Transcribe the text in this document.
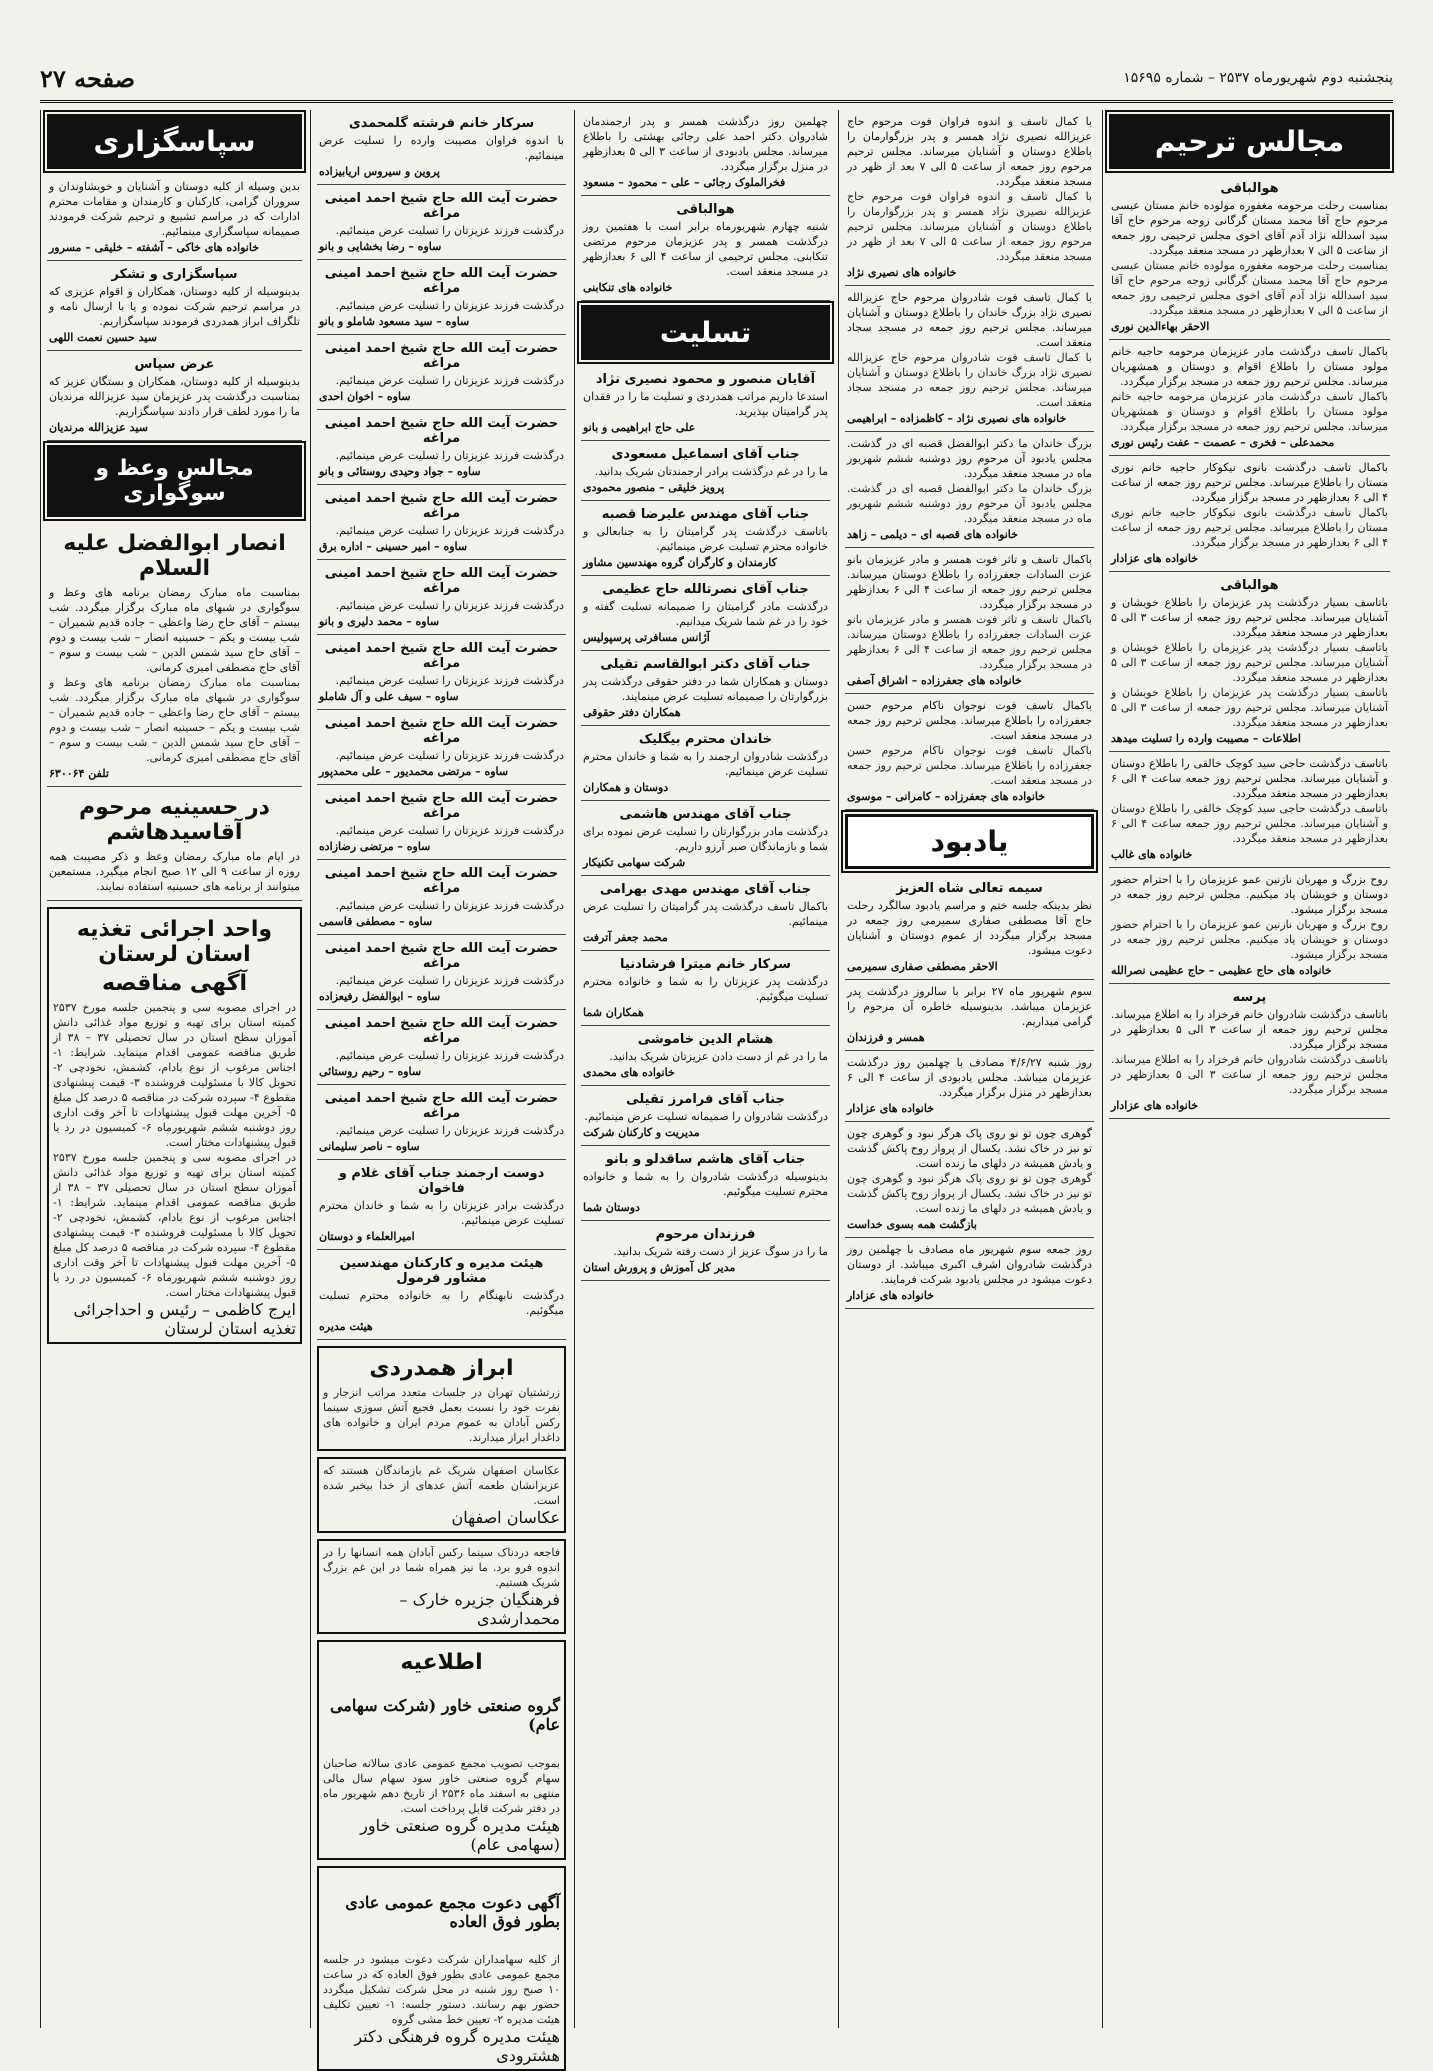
صفحه ۲۷	پنجشنبه دوم شهریورماه ۲۵۳۷ – شماره ۱۵۶۹۵
مجالس ترحیم
هوالباقی

بمناسبت رحلت مرحومه مغفوره مولوده خانم مستان عیسی مرحوم حاج آقا محمد مستان گرگانی زوجه مرحوم حاج آقا سید اسدالله نژاد آدم آقای اخوی مجلس ترحیمی روز جمعه از ساعت ۵ الی ۷ بعدازظهر در مسجد منعقد میگردد.

بمناسبت رحلت مرحومه مغفوره مولوده خانم مستان عیسی مرحوم حاج آقا محمد مستان گرگانی زوجه مرحوم حاج آقا سید اسدالله نژاد آدم آقای اخوی مجلس ترحیمی روز جمعه از ساعت ۵ الی ۷ بعدازظهر در مسجد منعقد میگردد.

الاحقر بهاءالدین نوری

باکمال تاسف درگذشت مادر عزیزمان مرحومه حاجیه خانم مولود مستان را باطلاع اقوام و دوستان و همشهریان میرساند. مجلس ترحیم روز جمعه در مسجد برگزار میگردد.

باکمال تاسف درگذشت مادر عزیزمان مرحومه حاجیه خانم مولود مستان را باطلاع اقوام و دوستان و همشهریان میرساند. مجلس ترحیم روز جمعه در مسجد برگزار میگردد.

محمدعلی – فخری – عصمت – عفت رئیس نوری

باکمال تاسف درگذشت بانوی نیکوکار حاجیه خانم نوری مستان را باطلاع میرساند. مجلس ترحیم روز جمعه از ساعت ۴ الی ۶ بعدازظهر در مسجد برگزار میگردد.

باکمال تاسف درگذشت بانوی نیکوکار حاجیه خانم نوری مستان را باطلاع میرساند. مجلس ترحیم روز جمعه از ساعت ۴ الی ۶ بعدازظهر در مسجد برگزار میگردد.

خانواده های عزادار
هوالباقی

باتاسف بسیار درگذشت پدر عزیزمان را باطلاع خویشان و آشنایان میرساند. مجلس ترحیم روز جمعه از ساعت ۳ الی ۵ بعدازظهر در مسجد منعقد میگردد.

باتاسف بسیار درگذشت پدر عزیزمان را باطلاع خویشان و آشنایان میرساند. مجلس ترحیم روز جمعه از ساعت ۳ الی ۵ بعدازظهر در مسجد منعقد میگردد.

باتاسف بسیار درگذشت پدر عزیزمان را باطلاع خویشان و آشنایان میرساند. مجلس ترحیم روز جمعه از ساعت ۳ الی ۵ بعدازظهر در مسجد منعقد میگردد.

اطلاعات – مصیبت وارده را تسلیت میدهد

باتاسف درگذشت حاجی سید کوچک خالقی را باطلاع دوستان و آشنایان میرساند. مجلس ترحیم روز جمعه ساعت ۴ الی ۶ بعدازظهر در مسجد منعقد میگردد.

باتاسف درگذشت حاجی سید کوچک خالقی را باطلاع دوستان و آشنایان میرساند. مجلس ترحیم روز جمعه ساعت ۴ الی ۶ بعدازظهر در مسجد منعقد میگردد.

خانواده های غالب

روح بزرگ و مهربان نازنین عمو عزیزمان را با احترام حضور دوستان و خویشان یاد میکنیم. مجلس ترحیم روز جمعه در مسجد برگزار میشود.

روح بزرگ و مهربان نازنین عمو عزیزمان را با احترام حضور دوستان و خویشان یاد میکنیم. مجلس ترحیم روز جمعه در مسجد برگزار میشود.

خانواده های حاج عظیمی – حاج عظیمی نصرالله
پرسه

باتاسف درگذشت شادروان خانم فرخزاد را به اطلاع میرساند. مجلس ترحیم روز جمعه از ساعت ۳ الی ۵ بعدازظهر در مسجد برگزار میگردد.

باتاسف درگذشت شادروان خانم فرخزاد را به اطلاع میرساند. مجلس ترحیم روز جمعه از ساعت ۳ الی ۵ بعدازظهر در مسجد برگزار میگردد.

خانواده های عزادار

با کمال تاسف و اندوه فراوان فوت مرحوم حاج عزیزالله نصیری نژاد همسر و پدر بزرگوارمان را باطلاع دوستان و آشنایان میرساند. مجلس ترحیم مرحوم روز جمعه از ساعت ۵ الی ۷ بعد از ظهر در مسجد منعقد میگردد.

با کمال تاسف و اندوه فراوان فوت مرحوم حاج عزیزالله نصیری نژاد همسر و پدر بزرگوارمان را باطلاع دوستان و آشنایان میرساند. مجلس ترحیم مرحوم روز جمعه از ساعت ۵ الی ۷ بعد از ظهر در مسجد منعقد میگردد.

خانواده های نصیری نژاد

با کمال تاسف فوت شادروان مرحوم حاج عزیزالله نصیری نژاد بزرگ خاندان را باطلاع دوستان و آشنایان میرساند. مجلس ترحیم روز جمعه در مسجد سجاد منعقد است.

با کمال تاسف فوت شادروان مرحوم حاج عزیزالله نصیری نژاد بزرگ خاندان را باطلاع دوستان و آشنایان میرساند. مجلس ترحیم روز جمعه در مسجد سجاد منعقد است.

خانواده های نصیری نژاد – کاظمزاده – ابراهیمی

بزرگ خاندان ما دکتر ابوالفضل قصبه ای در گذشت. مجلس یادبود آن مرحوم روز دوشنبه ششم شهریور ماه در مسجد منعقد میگردد.

بزرگ خاندان ما دکتر ابوالفضل قصبه ای در گذشت. مجلس یادبود آن مرحوم روز دوشنبه ششم شهریور ماه در مسجد منعقد میگردد.

خانواده های قصبه ای – دیلمی – زاهد

باکمال تاسف و تاثر فوت همسر و مادر عزیزمان بانو عزت السادات جعفرزاده را باطلاع دوستان میرساند. مجلس ترحیم روز جمعه از ساعت ۴ الی ۶ بعدازظهر در مسجد برگزار میگردد.

باکمال تاسف و تاثر فوت همسر و مادر عزیزمان بانو عزت السادات جعفرزاده را باطلاع دوستان میرساند. مجلس ترحیم روز جمعه از ساعت ۴ الی ۶ بعدازظهر در مسجد برگزار میگردد.

خانواده های جعفرزاده – اشراق آصفی

باکمال تاسف فوت نوجوان ناکام مرحوم حسن جعفرزاده را باطلاع میرساند. مجلس ترحیم روز جمعه در مسجد منعقد است.

باکمال تاسف فوت نوجوان ناکام مرحوم حسن جعفرزاده را باطلاع میرساند. مجلس ترحیم روز جمعه در مسجد منعقد است.

خانواده های جعفرزاده – کامرانی – موسوی
یادبود
سیمه تعالی شاه العزیز

نظر بدینکه جلسه ختم و مراسم یادبود سالگرد رحلت حاج آقا مصطفی صفاری سمیرمی روز جمعه در مسجد برگزار میگردد از عموم دوستان و آشنایان دعوت میشود.

الاحقر مصطفی صفاری سمیرمی

سوم شهریور ماه ۲۷ برابر با سالروز درگذشت پدر عزیزمان میباشد. بدینوسیله خاطره آن مرحوم را گرامی میداریم.

همسر و فرزندان

روز شنبه ۴/۶/۲۷ مصادف با چهلمین روز درگذشت عزیزمان میباشد. مجلس یادبودی از ساعت ۴ الی ۶ بعدازظهر در منزل برگزار میگردد.

خانواده های عزادار

گوهری چون تو نو روی پاک هرگز نبود و گوهری چون تو نیز در خاک نشد. یکسال از پرواز روح پاکش گذشت و یادش همیشه در دلهای ما زنده است.

گوهری چون تو نو روی پاک هرگز نبود و گوهری چون تو نیز در خاک نشد. یکسال از پرواز روح پاکش گذشت و یادش همیشه در دلهای ما زنده است.

بازگشت همه بسوی خداست

روز جمعه سوم شهریور ماه مصادف با چهلمین روز درگذشت شادروان اشرف اکبری میباشد. از دوستان دعوت میشود در مجلس یادبود شرکت فرمایند.

خانواده های عزادار

چهلمین روز درگذشت همسر و پدر ارجمندمان شادروان دکتر احمد علی رجائی بهشتی را باطلاع میرساند. مجلس یادبودی از ساعت ۳ الی ۵ بعدازظهر در منزل برگزار میگردد.

فخرالملوک رجائی – علی – محمود – مسعود
هوالباقی

شنبه چهارم شهریورماه برابر است با هفتمین روز درگذشت همسر و پدر عزیزمان مرحوم مرتضی تنکابنی. مجلس ترحیمی از ساعت ۴ الی ۶ بعدازظهر در مسجد منعقد است.

خانواده های تنکابنی
تسلیت
آقایان منصور و محمود نصیری نژاد

استدعا داریم مراتب همدردی و تسلیت ما را در فقدان پدر گرامیتان بپذیرید.

علی حاج ابراهیمی و بانو
جناب آقای اسماعیل مسعودی

ما را در غم درگذشت برادر ارجمندتان شریک بدانید.

پرویز خلیقی – منصور محمودی
جناب آقای مهندس علیرضا قصبه

باتاسف درگذشت پدر گرامیتان را به جنابعالی و خانواده محترم تسلیت عرض مینمائیم.

کارمندان و کارگران گروه مهندسین مشاور
جناب آقای نصرتالله حاج عظیمی

درگذشت مادر گرامیتان را صمیمانه تسلیت گفته و خود را در غم شما شریک میدانیم.

آژانس مسافرتی پرسپولیس
جناب آقای دکتر ابوالقاسم تقیلی

دوستان و همکاران شما در دفتر حقوقی درگذشت پدر بزرگوارتان را صمیمانه تسلیت عرض مینمایند.

همکاران دفتر حقوقی
خاندان محترم بیگلیک

درگذشت شادروان ارجمند را به شما و خاندان محترم تسلیت عرض مینمائیم.

دوستان و همکاران
جناب آقای مهندس هاشمی

درگذشت مادر بزرگوارتان را تسلیت عرض نموده برای شما و بازماندگان صبر آرزو داریم.

شرکت سهامی تکنیکار
جناب آقای مهندس مهدی بهرامی

باکمال تاسف درگذشت پدر گرامیتان را تسلیت عرض مینمائیم.

محمد جعفر آترفت
سرکار خانم میترا فرشادنیا

درگذشت پدر عزیزتان را به شما و خانواده محترم تسلیت میگوئیم.

همکاران شما
هشام الدین خاموشی

ما را در غم از دست دادن عزیزتان شریک بدانید.

خانواده های محمدی
جناب آقای فرامرز تقیلی

درگذشت شادروان را صمیمانه تسلیت عرض مینمائیم.

مدیریت و کارکنان شرکت
جناب آقای هاشم ساقدلو و بانو

بدینوسیله درگذشت شادروان را به شما و خانواده محترم تسلیت میگوئیم.

دوستان شما
فرزندان مرحوم

ما را در سوگ عزیز از دست رفته شریک بدانید.

مدیر کل آموزش و پرورش استان
سرکار خانم فرشته گلمحمدی

با اندوه فراوان مصیبت وارده را تسلیت عرض مینمائیم.

پروین و سیروس اریابیزاده
حضرت آیت الله حاج شیخ احمد امینی مراغه

درگذشت فرزند عزیزتان را تسلیت عرض مینمائیم.

ساوه – رضا بخشایی و بانو
حضرت آیت الله حاج شیخ احمد امینی مراغه

درگذشت فرزند عزیزتان را تسلیت عرض مینمائیم.

ساوه – سید مسعود شاملو و بانو
حضرت آیت الله حاج شیخ احمد امینی مراغه

درگذشت فرزند عزیزتان را تسلیت عرض مینمائیم.

ساوه – اخوان احدی
حضرت آیت الله حاج شیخ احمد امینی مراغه

درگذشت فرزند عزیزتان را تسلیت عرض مینمائیم.

ساوه – جواد وحیدی روستائی و بانو
حضرت آیت الله حاج شیخ احمد امینی مراغه

درگذشت فرزند عزیزتان را تسلیت عرض مینمائیم.

ساوه – امیر حسینی – اداره برق
حضرت آیت الله حاج شیخ احمد امینی مراغه

درگذشت فرزند عزیزتان را تسلیت عرض مینمائیم.

ساوه – محمد دلیری و بانو
حضرت آیت الله حاج شیخ احمد امینی مراغه

درگذشت فرزند عزیزتان را تسلیت عرض مینمائیم.

ساوه – سیف علی و آل شاملو
حضرت آیت الله حاج شیخ احمد امینی مراغه

درگذشت فرزند عزیزتان را تسلیت عرض مینمائیم.

ساوه – مرتضی محمدیور – علی محمدپور
حضرت آیت الله حاج شیخ احمد امینی مراغه

درگذشت فرزند عزیزتان را تسلیت عرض مینمائیم.

ساوه – مرتضی رضازاده
حضرت آیت الله حاج شیخ احمد امینی مراغه

درگذشت فرزند عزیزتان را تسلیت عرض مینمائیم.

ساوه – مصطفی قاسمی
حضرت آیت الله حاج شیخ احمد امینی مراغه

درگذشت فرزند عزیزتان را تسلیت عرض مینمائیم.

ساوه – ابوالفضل رفیعزاده
حضرت آیت الله حاج شیخ احمد امینی مراغه

درگذشت فرزند عزیزتان را تسلیت عرض مینمائیم.

ساوه – رحیم روستائی
حضرت آیت الله حاج شیخ احمد امینی مراغه

درگذشت فرزند عزیزتان را تسلیت عرض مینمائیم.

ساوه – ناصر سلیمانی
دوست ارجمند جناب آقای غلام و فاخوان

درگذشت برادر عزیزتان را به شما و خاندان محترم تسلیت عرض مینمائیم.

امیرالعلماء و دوستان
هیئت مدیره و کارکنان مهندسین مشاور فرمول

درگذشت نابهنگام را به خانواده محترم تسلیت میگوئیم.

هیئت مدیره
ابراز همدردی

زرتشتیان تهران در جلسات متعدد مراتب انزجار و نفرت خود را نسبت بعمل فجیع آتش سوزی سینما رکس آبادان به عموم مردم ایران و خانواده های داغدار ابراز میدارند.

عکاسان اصفهان شریک غم بازماندگان هستند که عزیزانشان طعمه آتش عدهای از خدا بیخبر شده است.

عکاسان اصفهان

فاجعه دردناک سینما رکس آبادان همه انسانها را در اندوه فرو برد. ما نیز همراه شما در این غم بزرگ شریک هستیم.

فرهنگیان جزیره خارک – محمدارشدی
اطلاعیه
گروه صنعتی خاور (شرکت سهامی عام)

بموجب تصویب مجمع عمومی عادی سالانه صاحبان سهام گروه صنعتی خاور سود سهام سال مالی منتهی به اسفند ماه ۲۵۳۶ از تاریخ دهم شهریور ماه در دفتر شرکت قابل پرداخت است.

هیئت مدیره گروه صنعتی خاور (سهامی عام)
آگهی دعوت مجمع عمومی عادی بطور فوق العاده

از کلیه سهامداران شرکت دعوت میشود در جلسه مجمع عمومی عادی بطور فوق العاده که در ساعت ۱۰ صبح روز شنبه در محل شرکت تشکیل میگردد حضور بهم رسانند. دستور جلسه: ۱- تعیین تکلیف هیئت مدیره ۲- تعیین خط مشی گروه

هیئت مدیره گروه فرهنگی دکتر هشترودی
سپاسگزاری

بدین وسیله از کلیه دوستان و آشنایان و خویشاوندان و سروران گرامی، کارکنان و کارمندان و مقامات محترم ادارات که در مراسم تشییع و ترحیم شرکت فرمودند صمیمانه سپاسگزاری مینمائیم.

خانواده های خاکی – آشفته – خلیقی – مسرور
سپاسگزاری و تشکر

بدینوسیله از کلیه دوستان، همکاران و اقوام عزیزی که در مراسم ترحیم شرکت نموده و یا با ارسال نامه و تلگراف ابراز همدردی فرمودند سپاسگزاریم.

سید حسین نعمت اللهی
عرض سپاس

بدینوسیله از کلیه دوستان، همکاران و بستگان عزیز که بمناسبت درگذشت پدر عزیزمان سید عزیزالله مرندیان ما را مورد لطف قرار دادند سپاسگزاریم.

سید عزیزالله مرندیان
مجالس وعظ و سوگواری
انصار ابوالفضل علیه السلام

بمناسبت ماه مبارک رمضان برنامه های وعظ و سوگواری در شبهای ماه مبارک برگزار میگردد. شب بیستم – آقای حاج رضا واعظی – جاده قدیم شمیران – شب بیست و یکم – حسینیه انصار – شب بیست و دوم – آقای حاج سید شمس الدین – شب بیست و سوم – آقای حاج مصطفی امیری کرمانی.

بمناسبت ماه مبارک رمضان برنامه های وعظ و سوگواری در شبهای ماه مبارک برگزار میگردد. شب بیستم – آقای حاج رضا واعظی – جاده قدیم شمیران – شب بیست و یکم – حسینیه انصار – شب بیست و دوم – آقای حاج سید شمس الدین – شب بیست و سوم – آقای حاج مصطفی امیری کرمانی.

تلفن ۶۳۰۰۶۴
در حسینیه مرحوم آقاسیدهاشم

در ایام ماه مبارک رمضان وعظ و ذکر مصیبت همه روزه از ساعت ۹ الی ۱۲ صبح انجام میگیرد. مستمعین میتوانند از برنامه های حسینیه استفاده نمایند.

واحد اجرائی تغذیه استان لرستان
آگهی مناقصه

در اجرای مصوبه سی و پنجمین جلسه مورخ ۲۵۳۷ کمیته استان برای تهیه و توزیع مواد غذائی دانش آموزان سطح استان در سال تحصیلی ۳۷ – ۳۸ از طریق مناقصه عمومی اقدام مینماید. شرایط: ۱- اجناس مرغوب از نوع بادام، کشمش، نخودچی ۲- تحویل کالا با مسئولیت فروشنده ۳- قیمت پیشنهادی مقطوع ۴- سپرده شرکت در مناقصه ۵ درصد کل مبلغ ۵- آخرین مهلت قبول پیشنهادات تا آخر وقت اداری روز دوشنبه ششم شهریورماه ۶- کمیسیون در رد یا قبول پیشنهادات مختار است.

در اجرای مصوبه سی و پنجمین جلسه مورخ ۲۵۳۷ کمیته استان برای تهیه و توزیع مواد غذائی دانش آموزان سطح استان در سال تحصیلی ۳۷ – ۳۸ از طریق مناقصه عمومی اقدام مینماید. شرایط: ۱- اجناس مرغوب از نوع بادام، کشمش، نخودچی ۲- تحویل کالا با مسئولیت فروشنده ۳- قیمت پیشنهادی مقطوع ۴- سپرده شرکت در مناقصه ۵ درصد کل مبلغ ۵- آخرین مهلت قبول پیشنهادات تا آخر وقت اداری روز دوشنبه ششم شهریورماه ۶- کمیسیون در رد یا قبول پیشنهادات مختار است.

ایرج کاظمی – رئیس و احداجرائی تغذیه استان لرستان
